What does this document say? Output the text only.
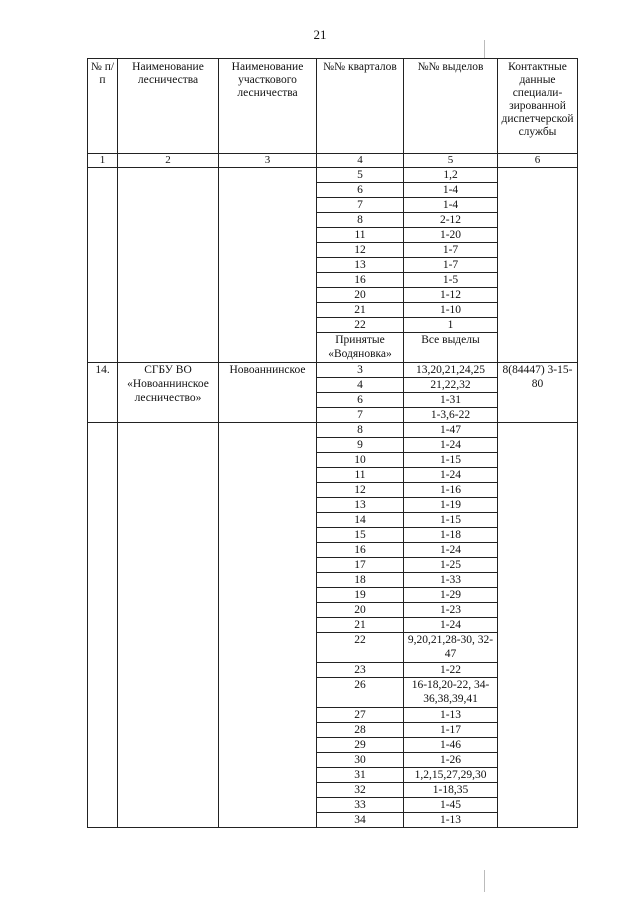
21
№ п/п	Наименование лесничества	Наименование участкового лесничества	№№ кварталов	№№ выделов	Контактные данные специали-зированной диспетчерской службы
1	2	3	4	5	6
			5	1,2	
			6	1-4	
			7	1-4	
			8	2-12	
			11	1-20	
			12	1-7	
			13	1-7	
			16	1-5	
			20	1-12	
			21	1-10	
			22	1	
			Принятые «Водяновка»	Все выделы	
14.	СГБУ ВО «Новоаннинское лесничество»	Новоаннинское	3	13,20,21,24,25	8(84447) 3-15-80
			4	21,22,32	
			6	1-31	
			7	1-3,6-22	
			8	1-47	
			9	1-24	
			10	1-15	
			11	1-24	
			12	1-16	
			13	1-19	
			14	1-15	
			15	1-18	
			16	1-24	
			17	1-25	
			18	1-33	
			19	1-29	
			20	1-23	
			21	1-24	
			22	9,20,21,28-30, 32-47	
			23	1-22	
			26	16-18,20-22, 34-36,38,39,41	
			27	1-13	
			28	1-17	
			29	1-46	
			30	1-26	
			31	1,2,15,27,29,30	
			32	1-18,35	
			33	1-45	
			34	1-13	
